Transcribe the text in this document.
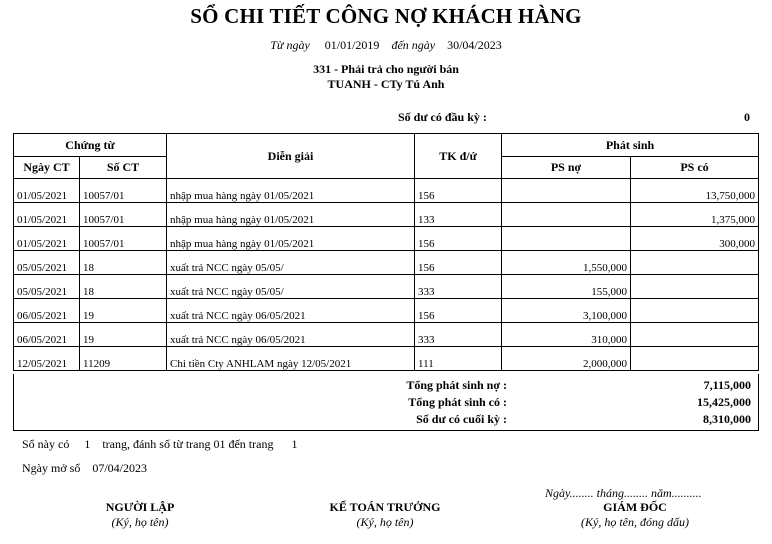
SỔ CHI TIẾT CÔNG NỢ KHÁCH HÀNG
Từ ngày 01/01/2019 đến ngày 30/04/2023
331 - Phải trả cho người bán
TUANH - CTy Tú Anh
Số dư có đầu kỳ :	0
Chứng từ		Diễn giải	TK đ/ứ	Phát sinh	
Ngày CT	Số CT			PS nợ	PS có
01/05/2021	10057/01	nhập mua hàng ngày 01/05/2021	156		13,750,000
01/05/2021	10057/01	nhập mua hàng ngày 01/05/2021	133		1,375,000
01/05/2021	10057/01	nhập mua hàng ngày 01/05/2021	156		300,000
05/05/2021	18	xuất trả NCC ngày 05/05/	156	1,550,000	
05/05/2021	18	xuất trả NCC ngày 05/05/	333	155,000	
06/05/2021	19	xuất trả NCC ngày 06/05/2021	156	3,100,000	
06/05/2021	19	xuất trả NCC ngày 06/05/2021	333	310,000	
12/05/2021	11209	Chi tiền Cty ANHLAM ngày 12/05/2021	111	2,000,000	
Tổng phát sinh nợ :	7,115,000
Tổng phát sinh có :	15,425,000
Số dư có cuối kỳ :	8,310,000
Sổ này có 1 trang, đánh số từ trang 01 đến trang 1
Ngày mở sổ 07/04/2023
Ngày........ tháng........ năm..........
NGƯỜI LẬP
(Ký, họ tên)
KẾ TOÁN TRƯỞNG
(Ký, họ tên)
GIÁM ĐỐC
(Ký, họ tên, đóng dấu)
